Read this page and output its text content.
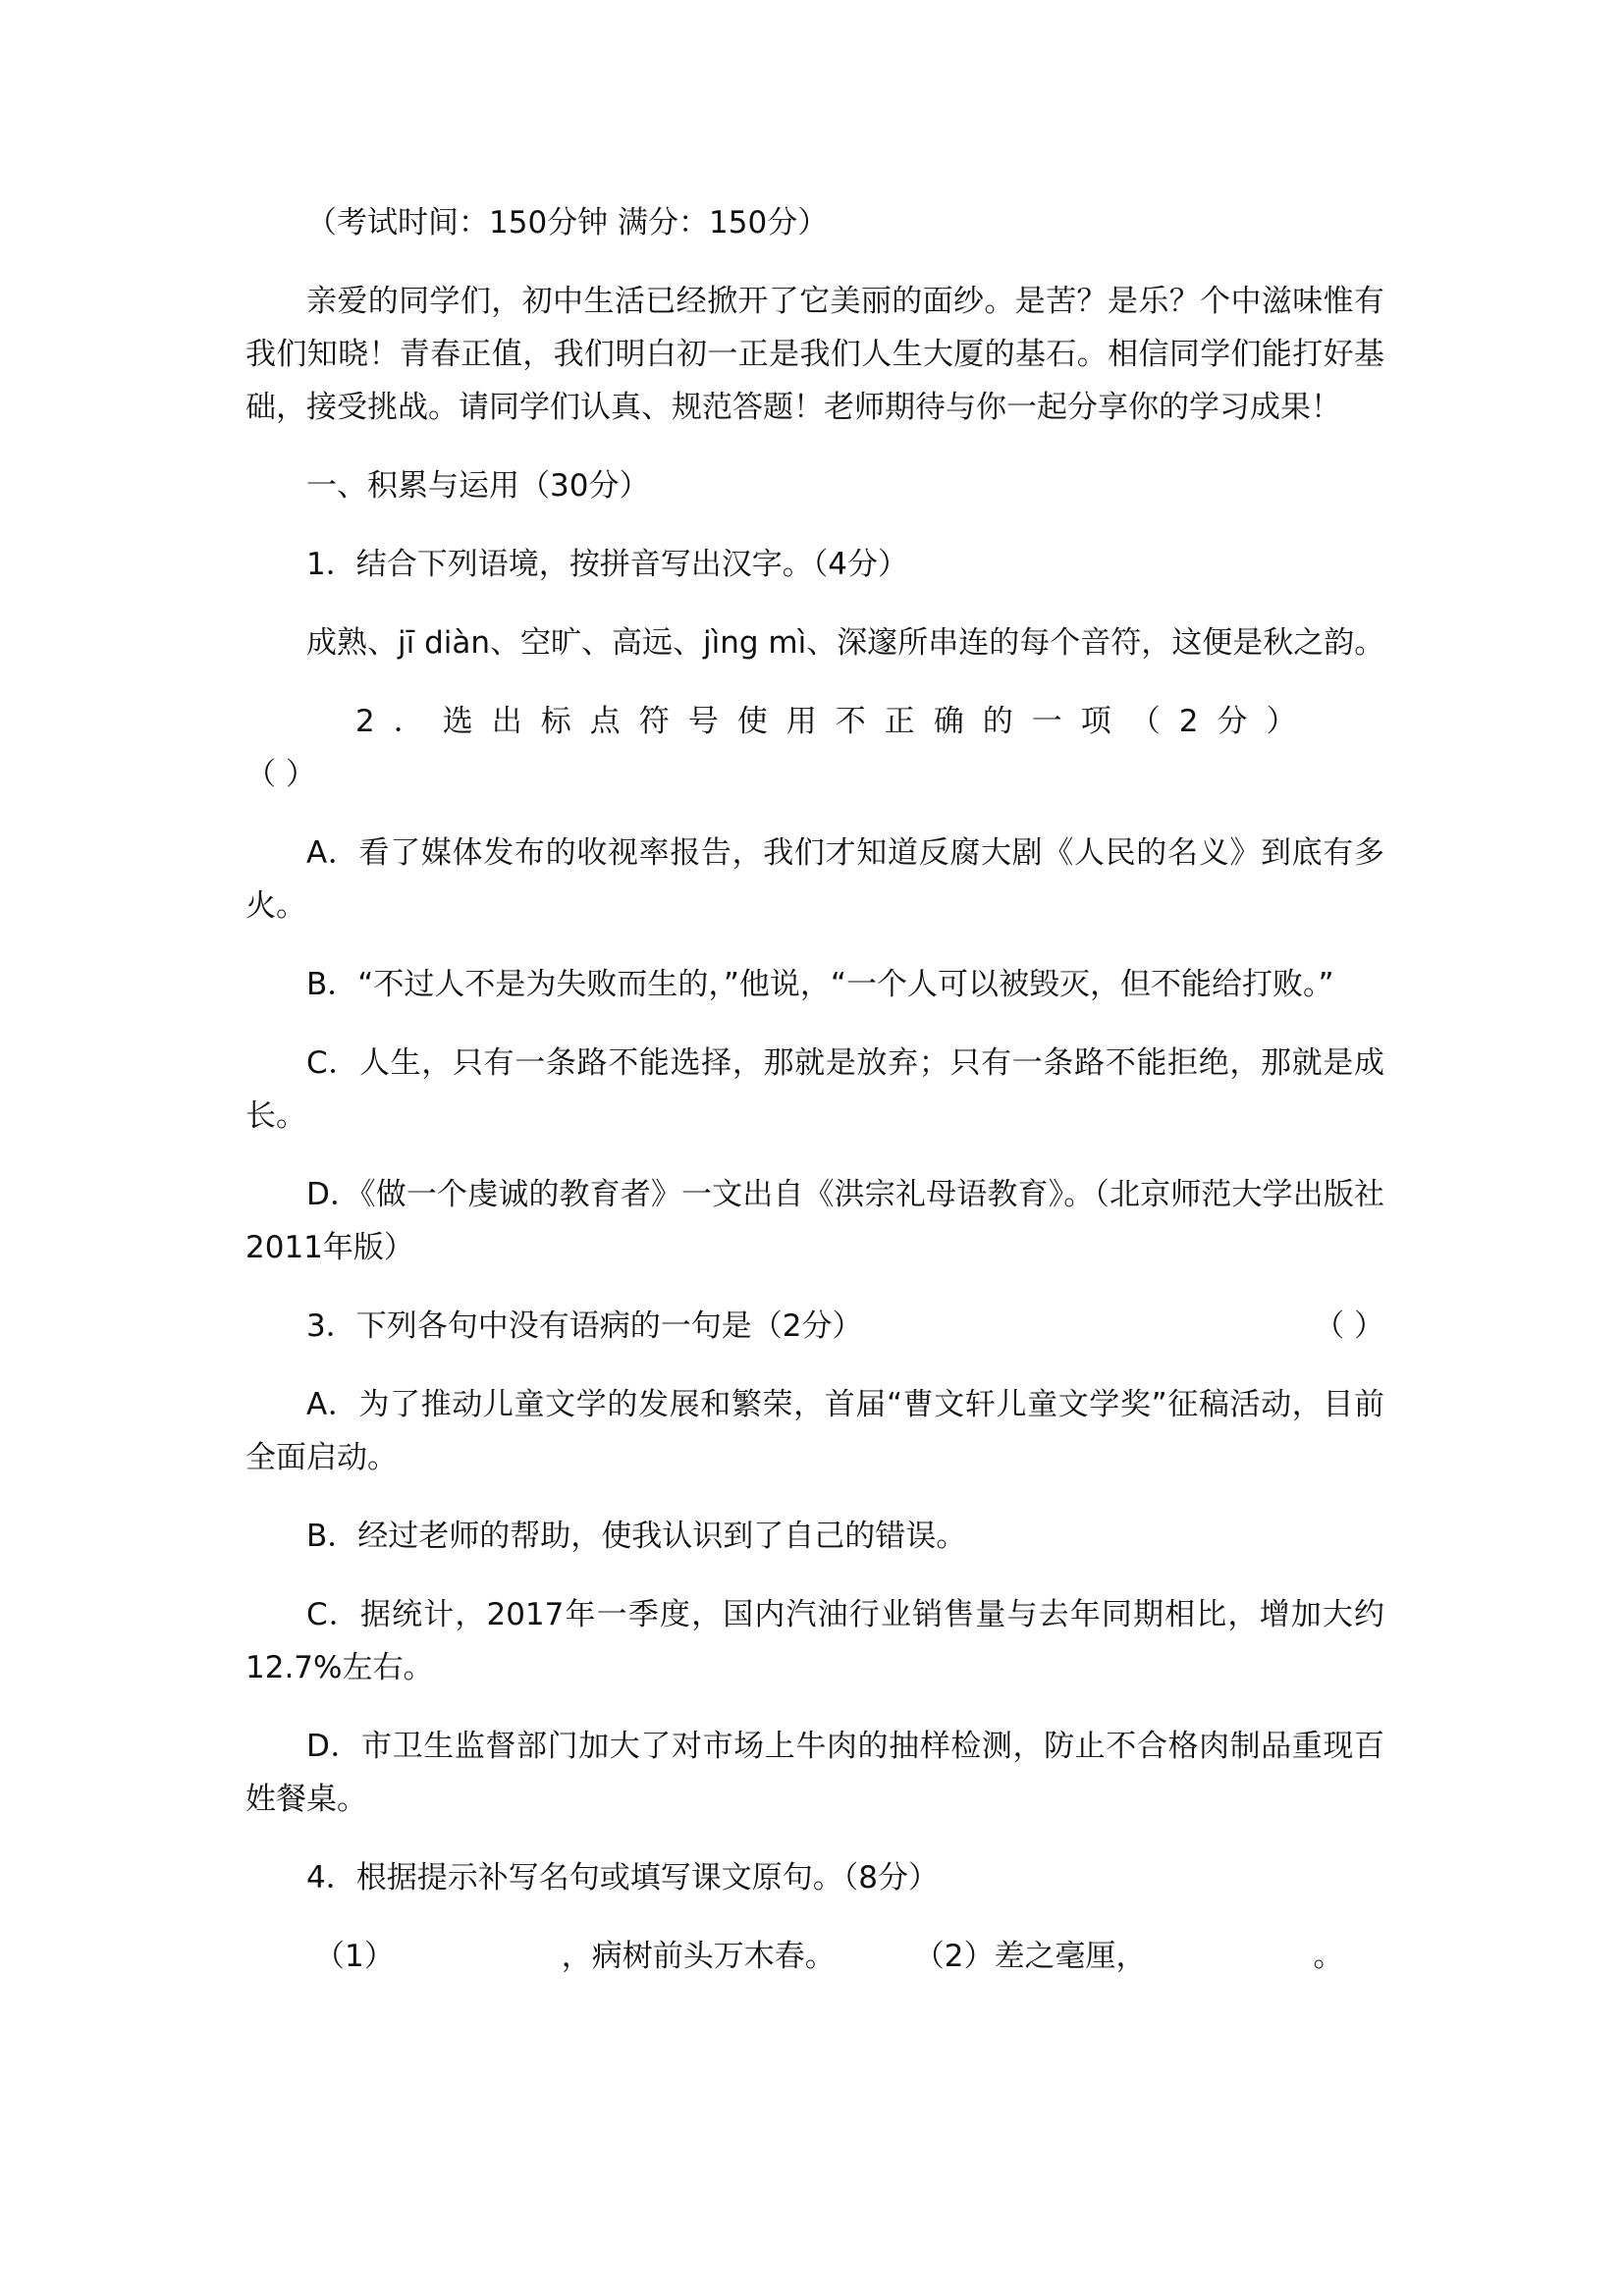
（考试时间：150分钟 满分：150分）

亲爱的同学们，初中生活已经掀开了它美丽的面纱。是苦？是乐？个中滋味惟有我们知晓！青春正值，我们明白初一正是我们人生大厦的基石。相信同学们能打好基础，接受挑战。请同学们认真、规范答题！老师期待与你一起分享你的学习成果！

一、积累与运用（30分）
1．结合下列语境，按拼音写出汉字。（4分）
成熟、jī diàn、空旷、高远、jìng mì、深邃所串连的每个音符，这便是秋之韵。
2．选出标点符号使用不正确的一项（2分）
（ ）

A．看了媒体发布的收视率报告，我们才知道反腐大剧《人民的名义》到底有多火。

B．“不过人不是为失败而生的，”他说，“一个人可以被毁灭，但不能给打败。”

C．人生，只有一条路不能选择，那就是放弃；只有一条路不能拒绝，那就是成长。

D．《做一个虔诚的教育者》一文出自《洪宗礼母语教育》。（北京师范大学出版社2011年版）

3．下列各句中没有语病的一句是（2分）	（ ）

A．为了推动儿童文学的发展和繁荣，首届“曹文轩儿童文学奖”征稿活动，目前全面启动。

B．经过老师的帮助，使我认识到了自己的错误。

C．据统计，2017年一季度，国内汽油行业销售量与去年同期相比，增加大约12.7%左右。

D．市卫生监督部门加大了对市场上牛肉的抽样检测，防止不合格肉制品重现百姓餐桌。

4．根据提示补写名句或填写课文原句。（8分）
（1）	，病树前头万木春。	（2）差之毫厘，	。
